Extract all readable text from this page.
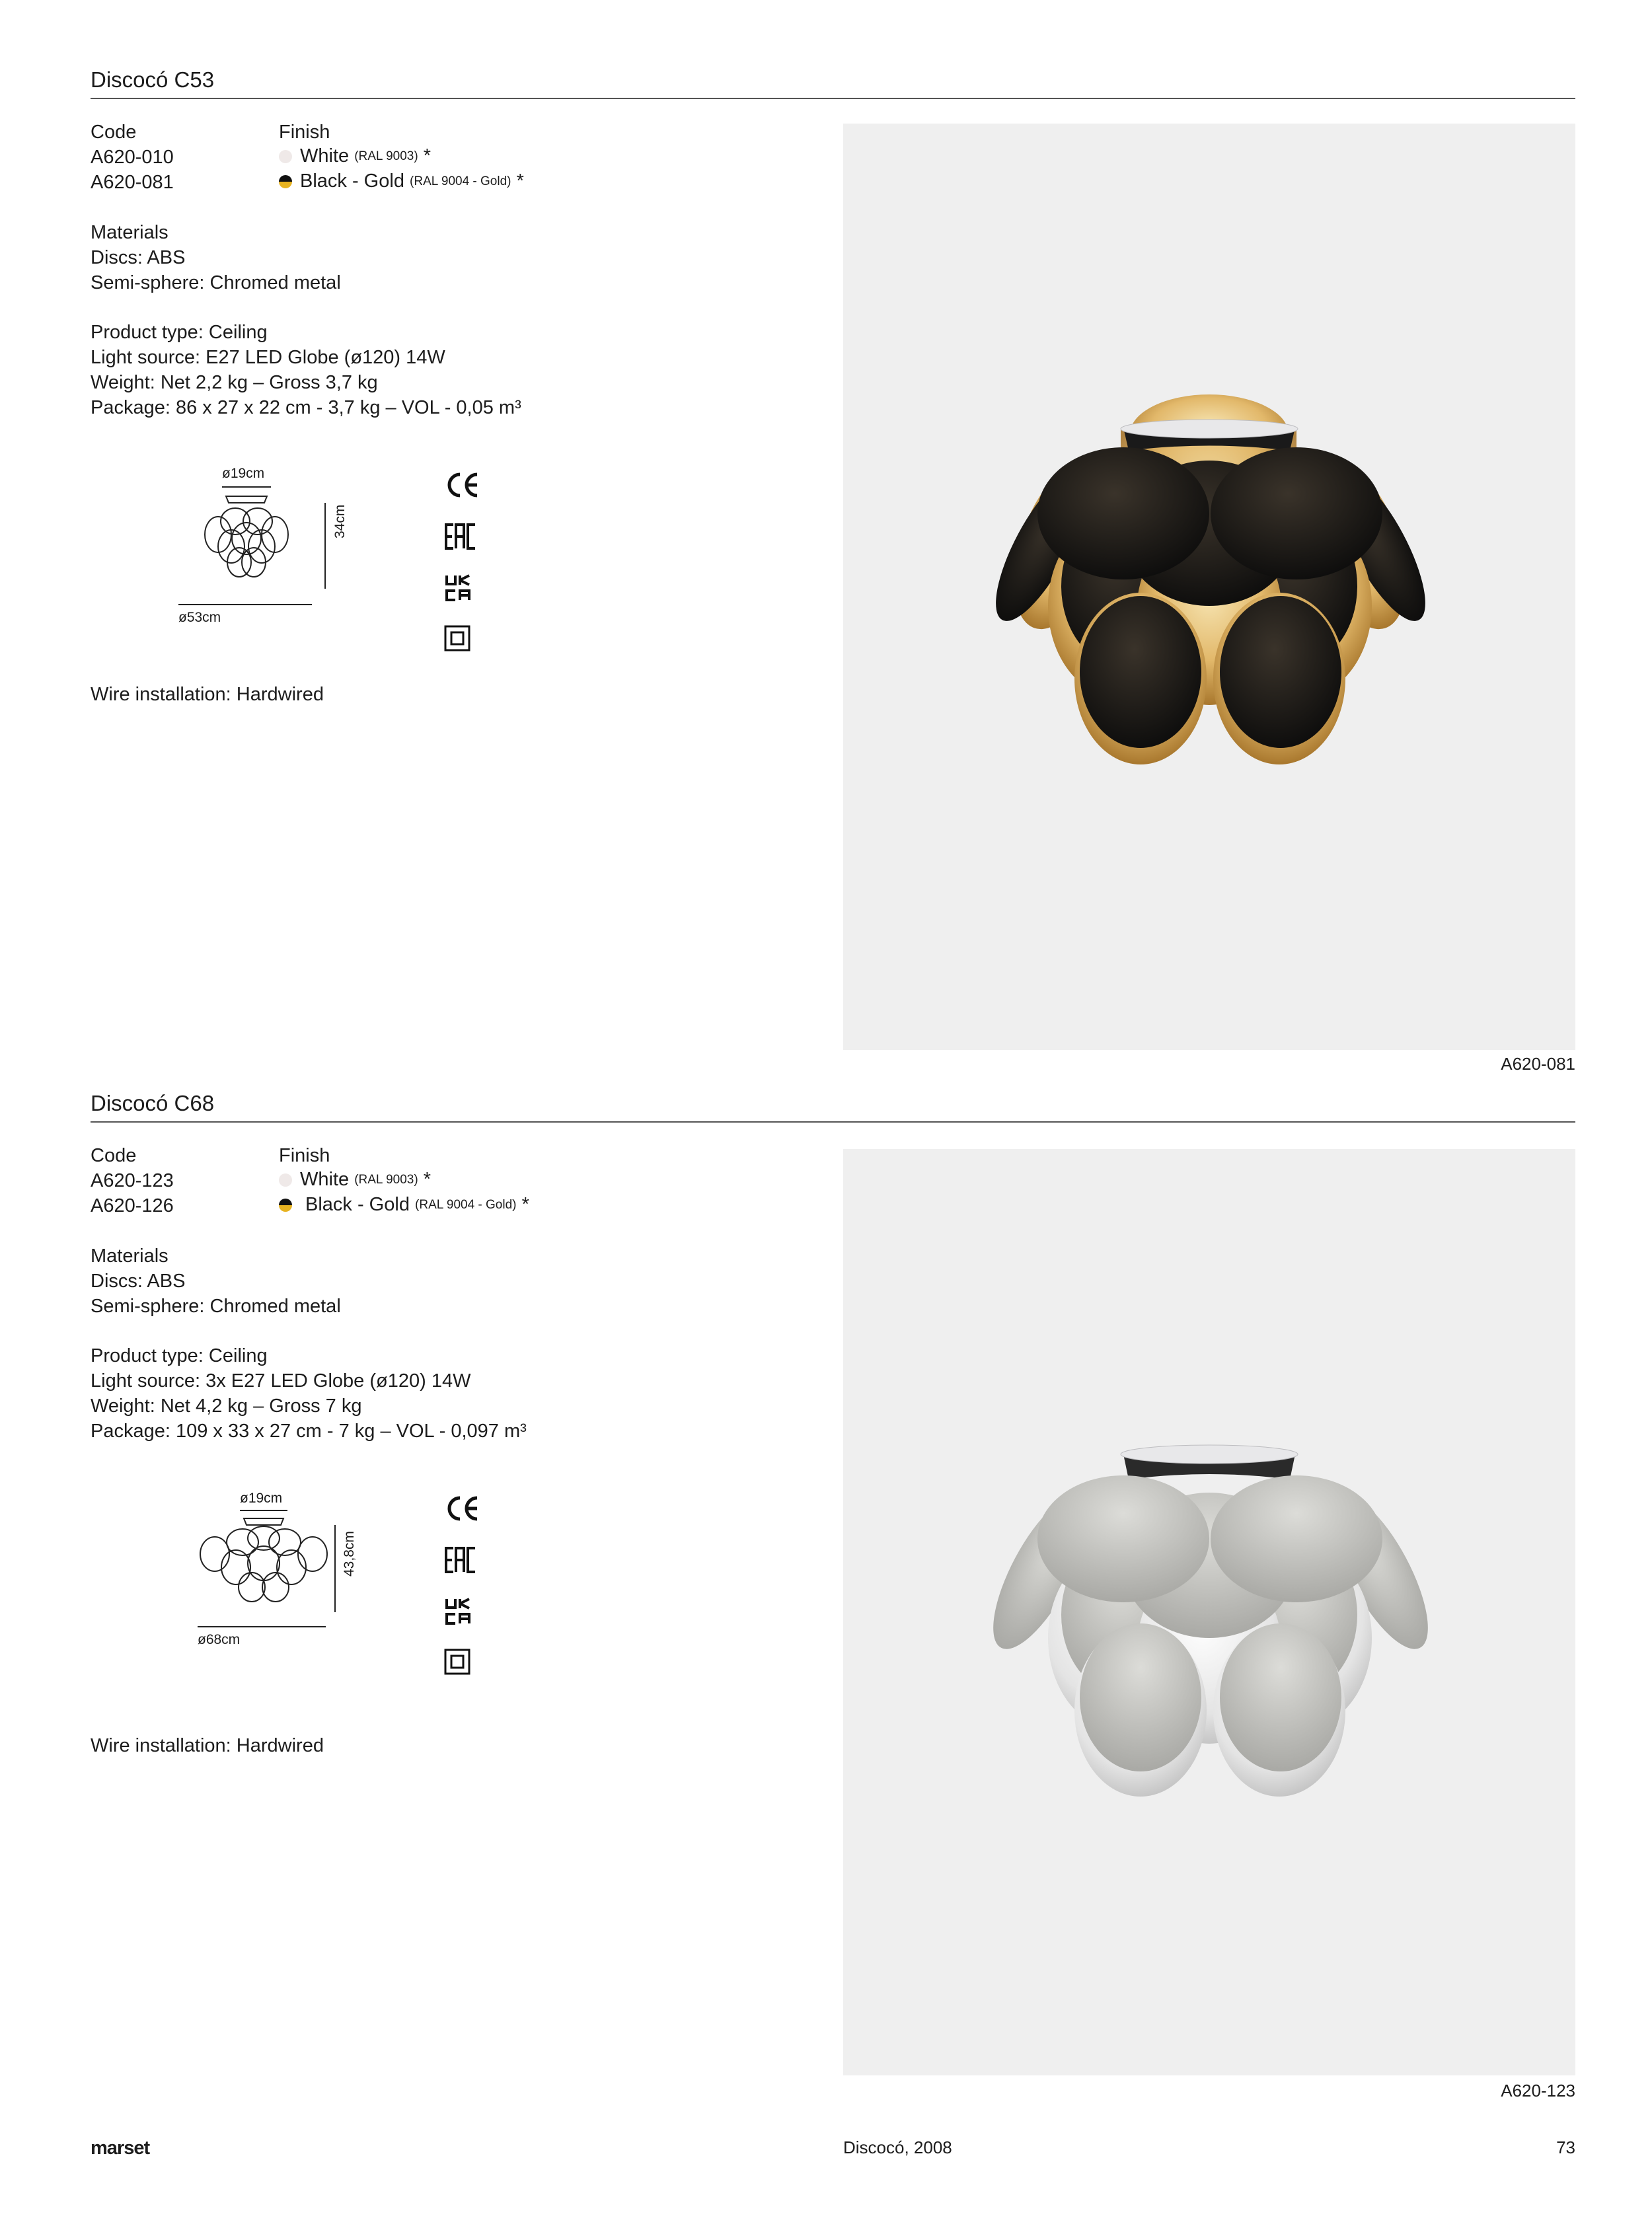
Discocó C53
Code	Finish
A620-010	White
(RAL 9003)
*
A620-081	Black - Gold
(RAL 9004 - Gold)
*
Materials
Discs: ABS
Semi-sphere: Chromed metal
Product type: Ceiling
Light source: E27 LED Globe (ø120) 14W
Weight: Net 2,2 kg – Gross 3,7 kg
Package: 86 x 27 x 22 cm - 3,7 kg – VOL - 0,05 m³
ø19cm
34cm
ø53cm
Wire installation: Hardwired
A620-081
Discocó C68
Code	Finish
A620-123	White
(RAL 9003)
*
A620-126	Black - Gold
(RAL 9004 - Gold)
*
Materials
Discs: ABS
Semi-sphere: Chromed metal
Product type: Ceiling
Light source: 3x E27 LED Globe (ø120) 14W
Weight: Net 4,2 kg – Gross 7 kg
Package: 109 x 33 x 27 cm - 7 kg – VOL - 0,097 m³
ø19cm
43,8cm
ø68cm
Wire installation: Hardwired
A620-123
marset	Discocó, 2008	73
